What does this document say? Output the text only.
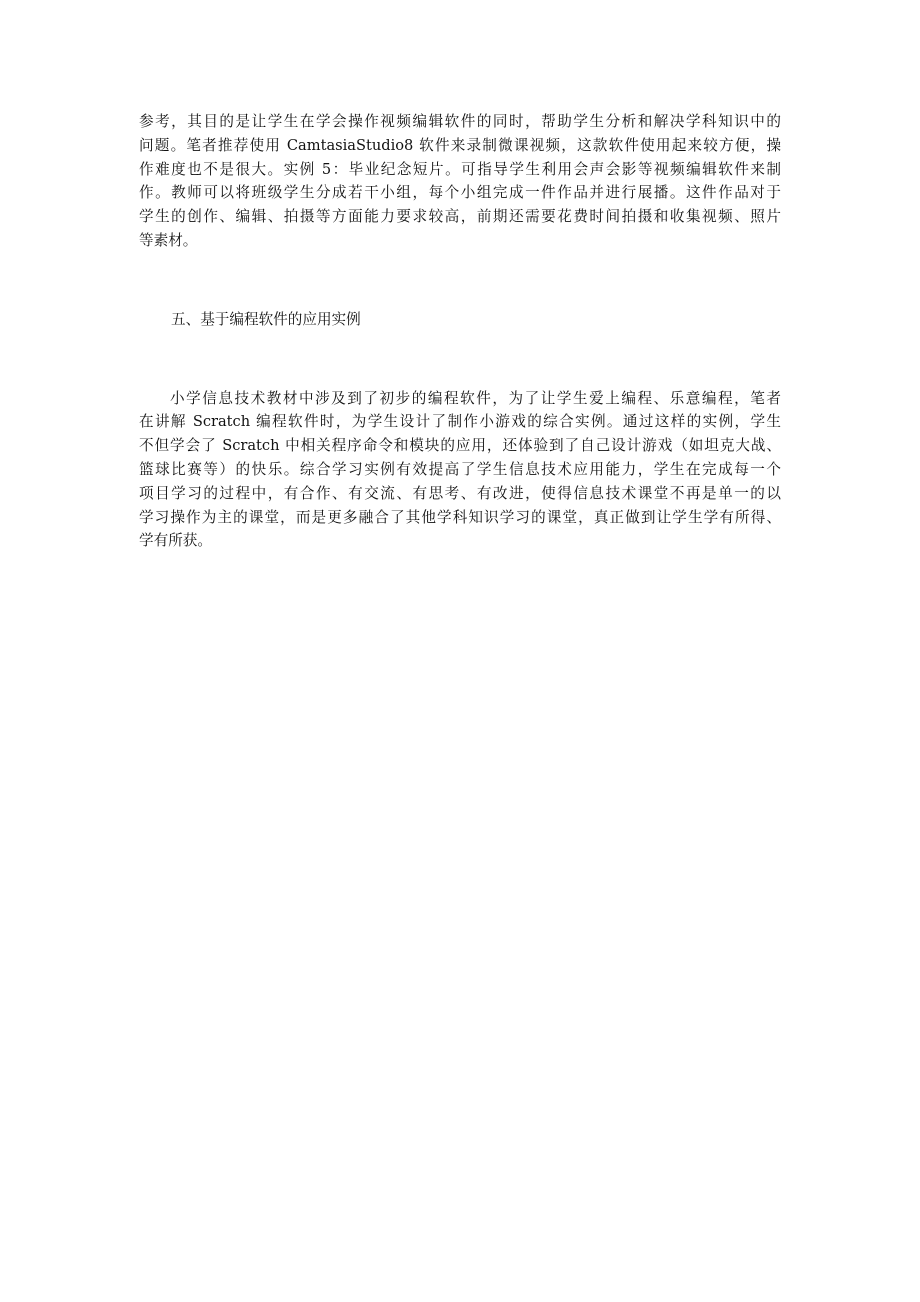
参考，其目的是让学生在学会操作视频编辑软件的同时，帮助学生分析和解决学科知识中的
问题。笔者推荐使用 CamtasiaStudio8 软件来录制微课视频，这款软件使用起来较方便，操
作难度也不是很大。实例 5：毕业纪念短片。可指导学生利用会声会影等视频编辑软件来制
作。教师可以将班级学生分成若干小组，每个小组完成一件作品并进行展播。这件作品对于
学生的创作、编辑、拍摄等方面能力要求较高，前期还需要花费时间拍摄和收集视频、照片
等素材。

五、基于编程软件的应用实例

小学信息技术教材中涉及到了初步的编程软件，为了让学生爱上编程、乐意编程，笔者
在讲解 Scratch 编程软件时，为学生设计了制作小游戏的综合实例。通过这样的实例，学生
不但学会了 Scratch 中相关程序命令和模块的应用，还体验到了自己设计游戏（如坦克大战、
篮球比赛等）的快乐。综合学习实例有效提高了学生信息技术应用能力，学生在完成每一个
项目学习的过程中，有合作、有交流、有思考、有改进，使得信息技术课堂不再是单一的以
学习操作为主的课堂，而是更多融合了其他学科知识学习的课堂，真正做到让学生学有所得、
学有所获。
